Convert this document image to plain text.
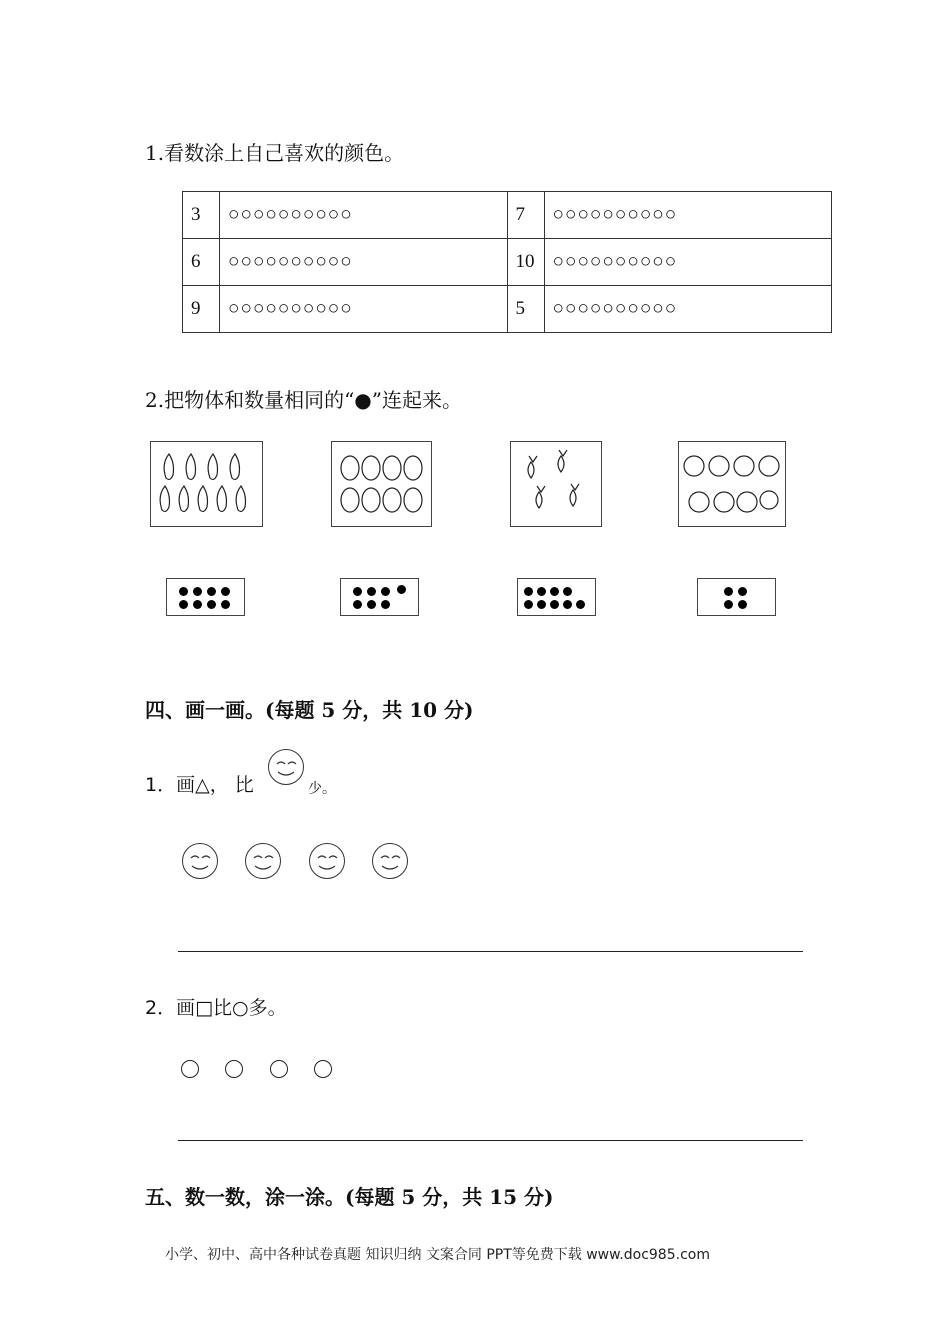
1.看数涂上自己喜欢的颜色。
3	○○○○○○○○○○	7	○○○○○○○○○○
6	○○○○○○○○○○	10	○○○○○○○○○○
9	○○○○○○○○○○	5	○○○○○○○○○○
2.把物体和数量相同的“●”连起来。
四、画一画。(每题 5 分，共 10 分)
1．画△， 比	少。
2．画□比○多。
五、数一数，涂一涂。(每题 5 分，共 15 分)
小学、初中、高中各种试卷真题 知识归纳 文案合同 PPT等免费下载 www.doc985.com
